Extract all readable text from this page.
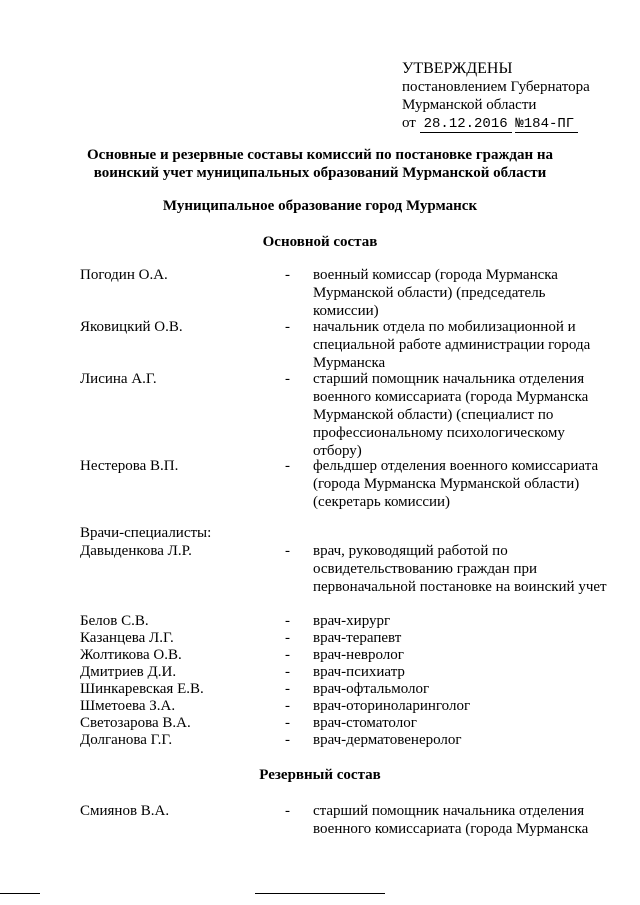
УТВЕРЖДЕНЫ
постановлением Губернатора
Мурманской области
от 28.12.2016 №184-ПГ
Основные и резервные составы комиссий по постановке граждан на
воинский учет муниципальных образований Мурманской области
Муниципальное образование город Мурманск
Основной состав
Погодин О.А.	- военный комиссар (города Мурманска Мурманской области) (председатель комиссии)
Яковицкий О.В.	- начальник отдела по мобилизационной и специальной работе администрации города Мурманска
Лисина А.Г.	- старший помощник начальника отделения военного комиссариата (города Мурманска Мурманской области) (специалист по профессиональному психологическому отбору)
Нестерова В.П.	- фельдшер отделения военного комиссариата (города Мурманска Мурманской области) (секретарь комиссии)
Врачи-специалисты:
Давыденкова Л.Р.	- врач, руководящий работой по освидетельствованию граждан при первоначальной постановке на воинский учет
Белов С.В.	- врач-хирург
Казанцева Л.Г.	- врач-терапевт
Жолтикова О.В.	- врач-невролог
Дмитриев Д.И.	- врач-психиатр
Шинкаревская Е.В.	- врач-офтальмолог
Шметоева З.А.	- врач-оториноларинголог
Светозарова В.А.	- врач-стоматолог
Долганова Г.Г.	- врач-дерматовенеролог
Резервный состав
Смиянов В.А.	- старший помощник начальника отделения военного комиссариата (города Мурманска
